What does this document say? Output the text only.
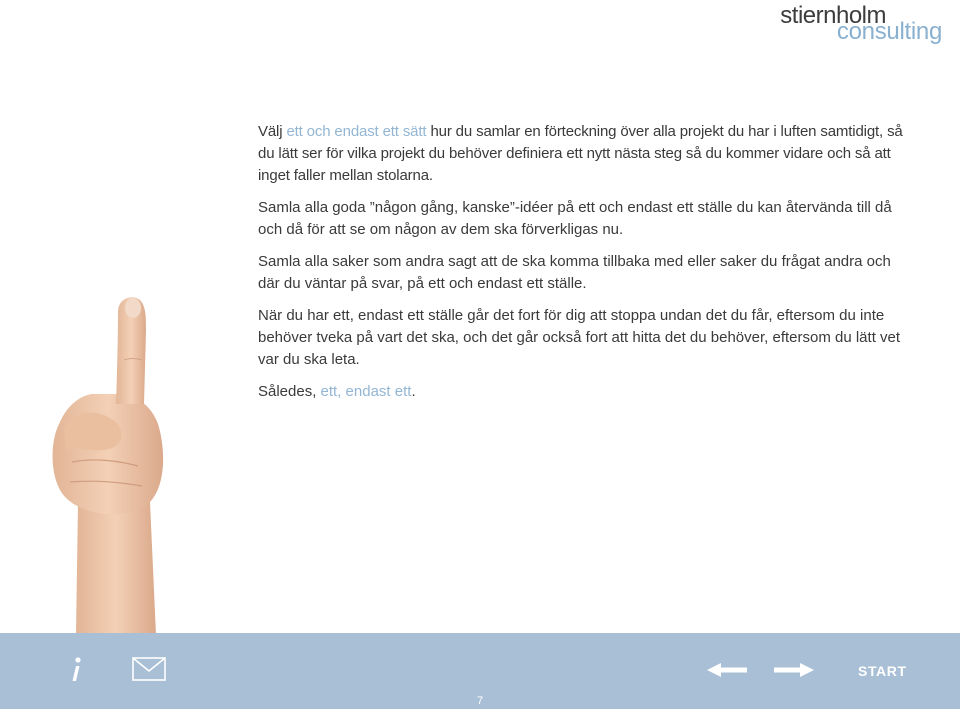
stiernholm
consulting

Välj ett och endast ett sätt hur du samlar en förteckning över alla projekt du har i luften samtidigt, så du lätt ser för vilka projekt du behöver definiera ett nytt nästa steg så du kommer vidare och så att inget faller mellan stolarna.

Samla alla goda ”någon gång, kanske”-idéer på ett och endast ett ställe du kan återvända till då och då för att se om någon av dem ska förverkligas nu.

Samla alla saker som andra sagt att de ska komma tillbaka med eller saker du frågat andra och där du väntar på svar, på ett och endast ett ställe.

När du har ett, endast ett ställe går det fort för dig att stoppa undan det du får, eftersom du inte behöver tveka på vart det ska, och det går också fort att hitta det du behöver, eftersom du lätt vet var du ska leta.

Således, ett, endast ett.

START
7
